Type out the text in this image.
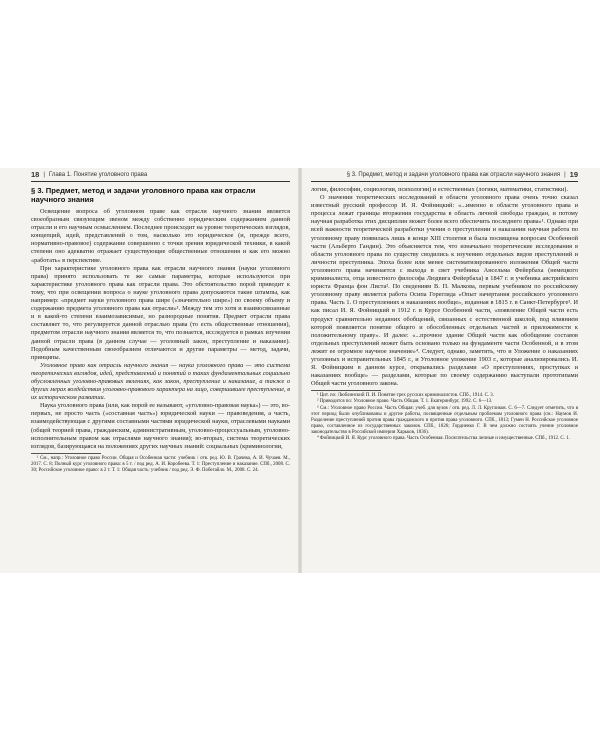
18 | Глава 1. Понятие уголовного права
§ 3. Предмет, метод и задачи уголовного права как отрасли научного знания

Освещение вопроса об уголовном праве как отрасли научного знания является своеобразным связующим звеном между собственно юридическим содержанием данной отрасли и его научным осмыслением. Последнее происходит на уровне теоретических взглядов, концепций, идей, представлений о том, насколько это юридическое (и, прежде всего, нормативно-правовое) содержание совершенно с точки зрения юридической техники, в какой степени оно адекватно отражает существующие общественные отношения и как его можно «работать» в перспективе.

При характеристике уголовного права как отрасли научного знания (науки уголовного права) принято использовать те же самые параметры, которые используются при характеристике уголовного права как отрасли права. Это обстоятельство порой приводит к тому, что при освещении вопроса о науке уголовного права допускаются такие штампы, как например: «предмет науки уголовного права шире («значительно шире») по своему объему и содержанию предмета уголовного права как отрасли»¹. Между тем это хотя и взаимосвязанные и в какой-то степени взаимозависимые, но разнородные понятия. Предмет отрасли права составляет то, что регулируется данной отраслью права (то есть общественные отношения), предметом отрасли научного знания является то, что познается, исследуется в рамках изучения данной отрасли права (в данном случае — уголовный закон, преступление и наказание). Подобным качественным своеобразием отличаются и другие параметры — метод, задачи, принципы.

Уголовное право как отрасль научного знания — наука уголовного права — это система теоретических взглядов, идей, представлений и понятий о таких фундаментальных социально обусловленных уголовно-правовых явлениях, как закон, преступление и наказание, а также о других мерах воздействия уголовно-правового характера на лицо, совершившее преступление, в их историческом развитии.

Наука уголовного права (или, как порой ее называют, «уголовно-правовая наука») — это, во-первых, не просто часть («составная часть») юридической науки — правоведения, а часть, взаимодействующая с другими составными частями юридической науки, отраслевыми науками (общей теорией права, гражданским, административным, уголовно-процессуальным, уголовно-исполнительным правом как отраслями научного знания); во-вторых, система теоретических взглядов, базирующаяся на положениях других научных знаний: социальных (криминологии,

¹ См., напр.: Уголовное право России. Общая и Особенная части: учебник / отв. ред. Ю. В. Грачева, А. И. Чучаев. М., 2017. С. 8; Полный курс уголовного права: в 5 т. / под ред. А. И. Коробеева. Т. 1: Преступление и наказание. СПб., 2008. С. 30; Российское уголовное право: в 2 т. Т. 1: Общая часть: учебник / под ред. Э. Ф. Побегайло. М., 2008. С. 24.

§ 3. Предмет, метод и задачи уголовного права как отрасли научного знания | 19

логии, философии, социологии, психологии) и естественных (логики, математики, статистики).

О значении теоретических исследований в области уголовного права очень точно сказал известный русский профессор И. Я. Фойницкий: «...именно в области уголовного права и процесса лежат границы вторжения государства в область личной свободы граждан, и потому научная разработка этих дисциплин может более всего обеспечить последнего права»¹. Однако при всей важности теоретической разработки учения о преступлении и наказании научная работа по уголовному праву появилась лишь в конце XIII столетия и была посвящена вопросам Особенной части (Альберто Гандин). Это объясняется тем, что изначально теоретические исследования в области уголовного права по существу сводились к изучению отдельных видов преступлений и личности преступника. Эпоха более или менее систематизированного изложения Общей части уголовного права начинается с выхода в свет учебника Ансельма Фейербаха (немецкого криминалиста, отца известного философа Людвига Фейербаха) в 1847 г. и учебника австрийского юриста Франца фон Листа². По сведениям В. П. Малкова, первым учебником по российскому уголовному праву является работа Осипа Горегляда «Опыт начертания российского уголовного права. Часть 1. О преступлениях и наказаниях вообще», изданная в 1815 г. в Санкт-Петербурге³. И как писал И. Я. Фойницкий в 1912 г. в Курсе Особенной части, «появление Общей части есть продукт сравнительно недавних обобщений, связанных с естественной школой, под влиянием которой появляется понятие общего и обособленных отдельных частей и приложимости к положительному праву». И далее: «...прочное здание Общей части как обобщение составов отдельных преступлений может быть основано только на фундаменте части Особенной, и в этом лежит ее огромное научное значение»⁴. Следует, однако, заметить, что и Уложение о наказаниях уголовных и исправительных 1845 г., и Уголовное уложение 1903 г., которые анализировались И. Я. Фойницким в данном курсе, открывались разделами «О преступлениях, проступках и наказаниях вообще» — разделами, которые по своему содержанию выступали прототипами Общей части уголовного закона.

¹ Цит. по: Люблинский П. И. Понятие трех русских криминалистов. СПб., 1914. С. 3.

² Приводится по: Уголовное право. Часть Общая. Т. 1. Екатеринбург, 1992. С. 6—13.

³ См.: Уголовное право России. Часть Общая: учеб. для вузов / отв. ред. Л. Л. Кругликов. С. 6—7. Следует отметить, что в этот период были опубликованы и другие работы, посвященные отдельным проблемам уголовного права (см.: Наумов И. Разделение преступлений против права гражданского и против права уголовного. СПб., 1813; Гумен Н. Российское уголовное право, составленное из государственных законов. СПб., 1826; Гордиенко Г. В чем должно состоять учение уголовное законодательство в Российской империи Харьков, 1836).

⁴ Фойницкий И. Я. Курс уголовного права. Часть Особенная. Посягательства личные и имущественные. СПб., 1912. С. 1.
